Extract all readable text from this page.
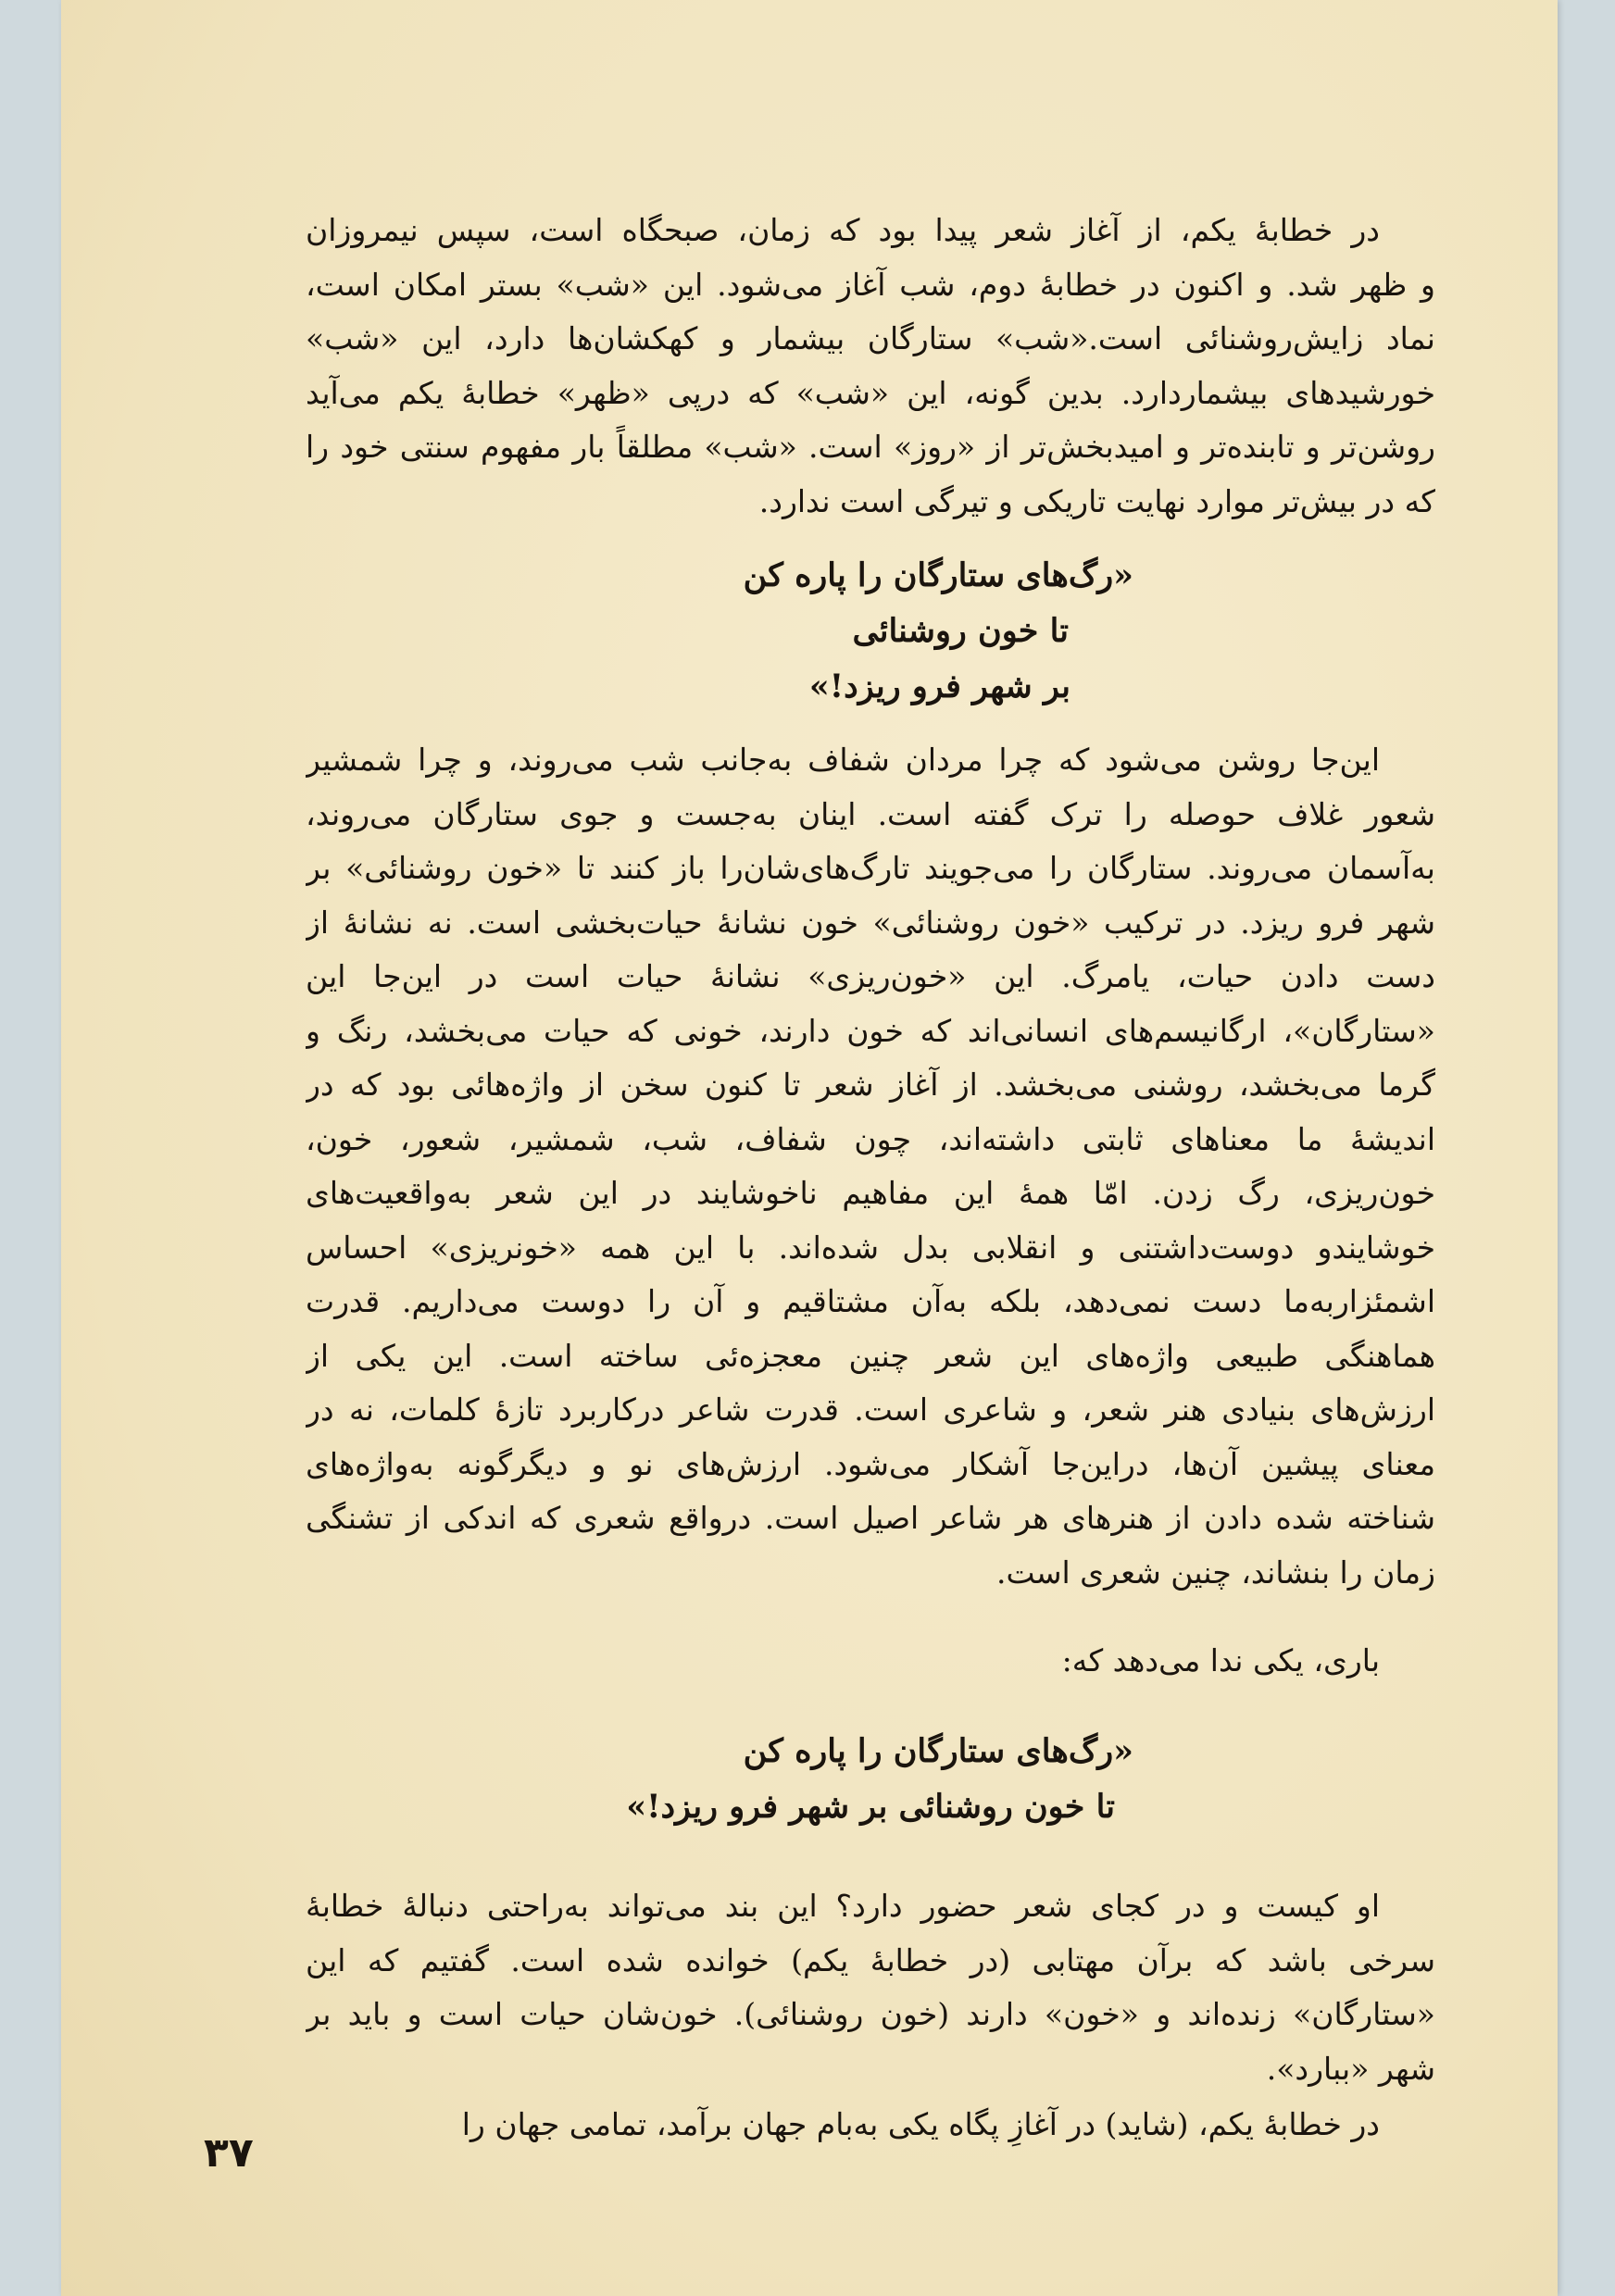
در خطابهٔ یکم، از آغاز شعر پیدا بود که زمان، صبحگاه است، سپس نیمروزان
و ظهر شد. و اکنون در خطابهٔ دوم، شب آغاز می‌شود. این «شب» بستر امکان است،
نماد زایش‌روشنائی است.«شب» ستارگان بیشمار و کهکشان‌ها دارد، این «شب»
خورشیدهای بیشماردارد. بدین گونه، این «شب» که درپی «ظهر» خطابهٔ یکم می‌آید
روشن‌تر و تابنده‌تر و امیدبخش‌تر از «روز» است. «شب» مطلقاً بار مفهوم سنتی خود را
که در بیش‌تر موارد نهایت تاریکی و تیرگی است ندارد.

«رگ‌های ستارگان را پاره کن
تا خون روشنائی
بر شهر فرو ریزد!»

این‌جا روشن می‌شود که چرا مردان شفاف به‌جانب شب می‌روند، و چرا شمشیر
شعور غلاف حوصله را ترک گفته است. اینان به‌جست و جوی ستارگان می‌روند،
به‌آسمان می‌روند. ستارگان را می‌جویند تارگ‌های‌شان‌را باز کنند تا «خون روشنائی» بر
شهر فرو ریزد. در ترکیب «خون روشنائی» خون نشانهٔ حیات‌بخشی است. نه نشانهٔ از
دست دادن حیات، یامرگ. این «خون‌ریزی» نشانهٔ حیات است در این‌جا این
«ستارگان»، ارگانیسم‌های انسانی‌اند که خون دارند، خونی که حیات می‌بخشد، رنگ و
گرما می‌بخشد، روشنی می‌بخشد. از آغاز شعر تا کنون سخن از واژه‌هائی بود که در
اندیشهٔ ما معناهای ثابتی داشته‌اند، چون شفاف، شب، شمشیر، شعور، خون،
خون‌ریزی، رگ زدن. امّا همهٔ این مفاهیم ناخوشایند در این شعر به‌واقعیت‌های
خوشایندو دوست‌داشتنی و انقلابی بدل شده‌اند. با این همه «خونریزی» احساس
اشمئزاربه‌ما دست نمی‌دهد، بلکه به‌آن مشتاقیم و آن را دوست می‌داریم. قدرت
هماهنگی طبیعی واژه‌های این شعر چنین معجزه‌ئی ساخته است. این یکی از
ارزش‌های بنیادی هنر شعر، و شاعری است. قدرت شاعر درکاربرد تازهٔ کلمات، نه در
معنای پیشین آن‌ها، دراین‌جا آشکار می‌شود. ارزش‌های نو و دیگرگونه به‌واژه‌های
شناخته شده دادن از هنرهای هر شاعر اصیل است. درواقع شعری که اندکی از تشنگی
زمان را بنشاند، چنین شعری است.

باری، یکی ندا می‌دهد که:

«رگ‌های ستارگان را پاره کن
تا خون روشنائی بر شهر فرو ریزد!»

او کیست و در کجای شعر حضور دارد؟ این بند می‌تواند به‌راحتی دنبالهٔ خطابهٔ
سرخی باشد که برآن مهتابی (در خطابهٔ یکم) خوانده شده است. گفتیم که این
«ستارگان» زنده‌اند و «خون» دارند (خون روشنائی). خون‌شان حیات است و باید بر
شهر «ببارد».

در خطابهٔ یکم، (شاید) در آغازِ پگاه یکی به‌بام جهان برآمد، تمامی جهان را

۳۷
